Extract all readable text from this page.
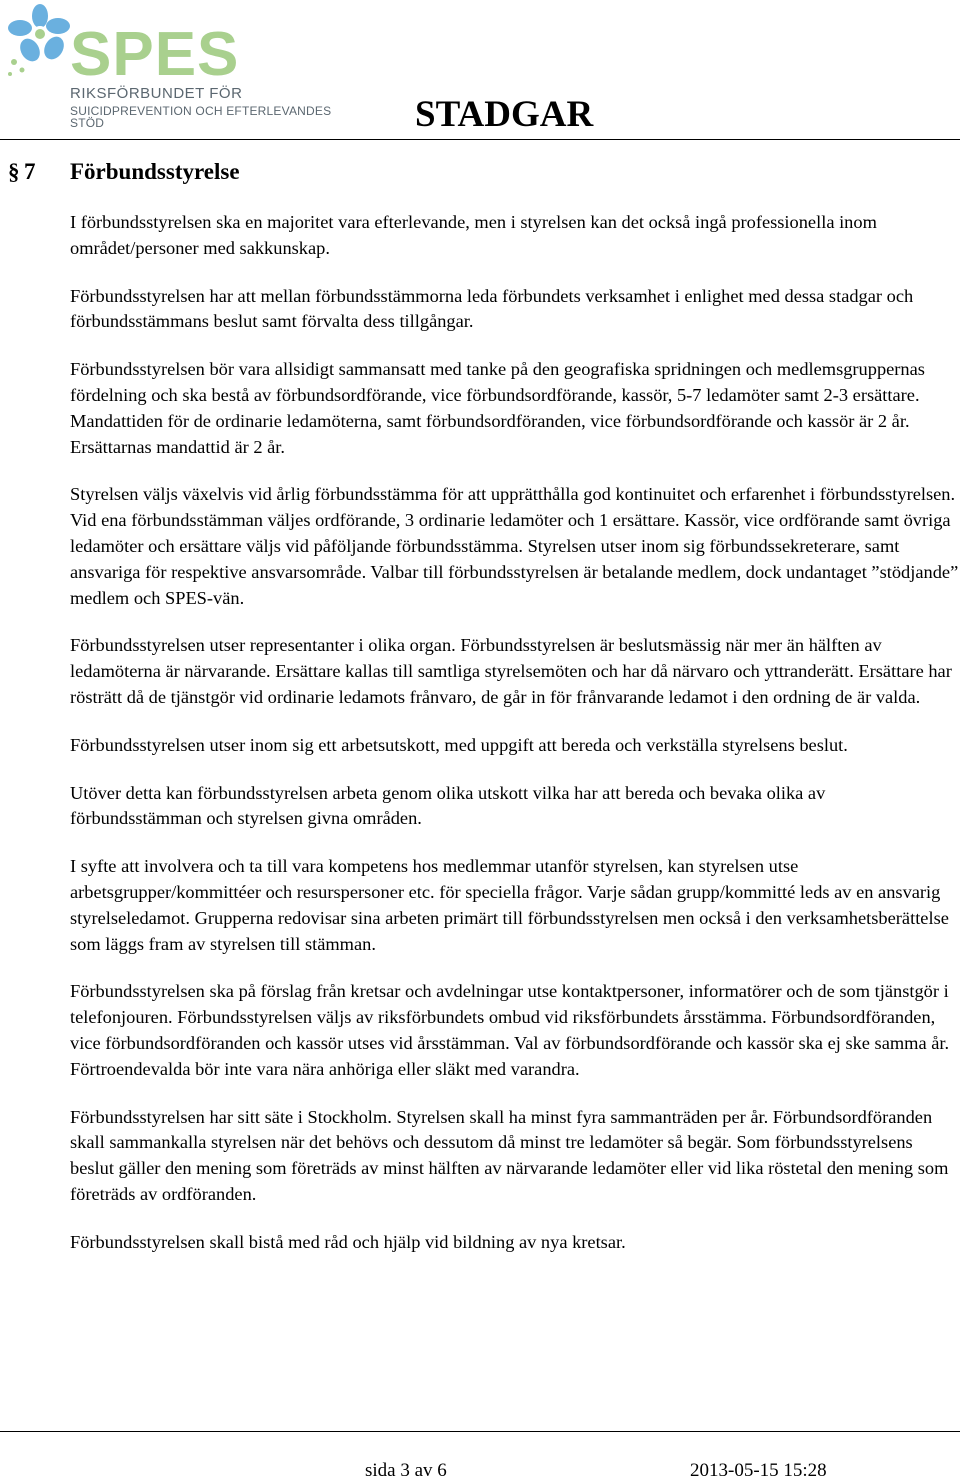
SPES
RIKSFÖRBUNDET FÖR
SUICIDPREVENTION OCH EFTERLEVANDES STÖD	STADGAR
§ 7 Förbundsstyrelse

I förbundsstyrelsen ska en majoritet vara efterlevande, men i styrelsen kan det också ingå professionella inom området/personer med sakkunskap.

Förbundsstyrelsen har att mellan förbundsstämmorna leda förbundets verksamhet i enlighet med dessa stadgar och förbundsstämmans beslut samt förvalta dess tillgångar.

Förbundsstyrelsen bör vara allsidigt sammansatt med tanke på den geografiska spridningen och medlemsgruppernas fördelning och ska bestå av förbundsordförande, vice förbundsordförande, kassör, 5-7 ledamöter samt 2-3 ersättare. Mandattiden för de ordinarie ledamöterna, samt förbundsordföranden, vice förbundsordförande och kassör är 2 år. Ersättarnas mandattid är 2 år.

Styrelsen väljs växelvis vid årlig förbundsstämma för att upprätthålla god kontinuitet och erfarenhet i förbundsstyrelsen. Vid ena förbundsstämman väljes ordförande, 3 ordinarie ledamöter och 1 ersättare. Kassör, vice ordförande samt övriga ledamöter och ersättare väljs vid påföljande förbundsstämma. Styrelsen utser inom sig förbundssekreterare, samt ansvariga för respektive ansvarsområde. Valbar till förbundsstyrelsen är betalande medlem, dock undantaget ”stödjande” medlem och SPES-vän.

Förbundsstyrelsen utser representanter i olika organ. Förbundsstyrelsen är beslutsmässig när mer än hälften av ledamöterna är närvarande. Ersättare kallas till samtliga styrelsemöten och har då närvaro och yttranderätt. Ersättare har rösträtt då de tjänstgör vid ordinarie ledamots frånvaro, de går in för frånvarande ledamot i den ordning de är valda.

Förbundsstyrelsen utser inom sig ett arbetsutskott, med uppgift att bereda och verkställa styrelsens beslut.

Utöver detta kan förbundsstyrelsen arbeta genom olika utskott vilka har att bereda och bevaka olika av förbundsstämman och styrelsen givna områden.

I syfte att involvera och ta till vara kompetens hos medlemmar utanför styrelsen, kan styrelsen utse arbetsgrupper/kommittéer och resurspersoner etc. för speciella frågor. Varje sådan grupp/kommitté leds av en ansvarig styrelseledamot. Grupperna redovisar sina arbeten primärt till förbundsstyrelsen men också i den verksamhetsberättelse som läggs fram av styrelsen till stämman.

Förbundsstyrelsen ska på förslag från kretsar och avdelningar utse kontaktpersoner, informatörer och de som tjänstgör i telefonjouren. Förbundsstyrelsen väljs av riksförbundets ombud vid riksförbundets årsstämma. Förbundsordföranden, vice förbundsordföranden och kassör utses vid årsstämman. Val av förbundsordförande och kassör ska ej ske samma år. Förtroendevalda bör inte vara nära anhöriga eller släkt med varandra.

Förbundsstyrelsen har sitt säte i Stockholm. Styrelsen skall ha minst fyra sammanträden per år. Förbundsordföranden skall sammankalla styrelsen när det behövs och dessutom då minst tre ledamöter så begär. Som förbundsstyrelsens beslut gäller den mening som företräds av minst hälften av närvarande ledamöter eller vid lika röstetal den mening som företräds av ordföranden.

Förbundsstyrelsen skall bistå med råd och hjälp vid bildning av nya kretsar.

sida 3 av 6	2013-05-15 15:28
